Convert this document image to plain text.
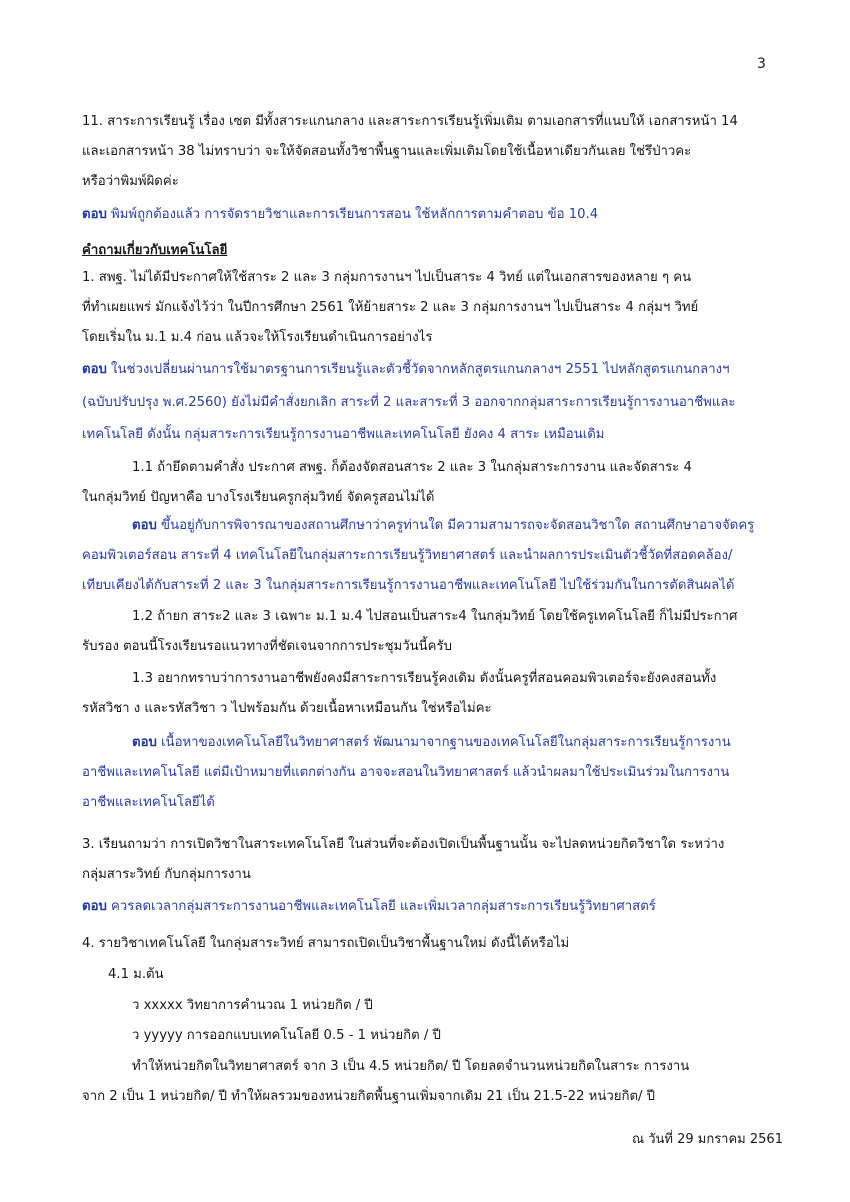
3
11. สาระการเรียนรู้ เรื่อง เซต มีทั้งสาระแกนกลาง และสาระการเรียนรู้เพิ่มเติม ตามเอกสารที่แนบให้ เอกสารหน้า 14
และเอกสารหน้า 38 ไม่ทราบว่า จะให้จัดสอนทั้งวิชาพื้นฐานและเพิ่มเติมโดยใช้เนื้อหาเดียวกันเลย ใช่รึป่าวคะ
หรือว่าพิมพ์ผิดค่ะ
ตอบ พิมพ์ถูกต้องแล้ว การจัดรายวิชาและการเรียนการสอน ใช้หลักการตามคำตอบ ข้อ 10.4
คำถามเกี่ยวกับเทคโนโลยี
1. สพฐ. ไม่ได้มีประกาศให้ใช้สาระ 2 และ 3 กลุ่มการงานฯ ไปเป็นสาระ 4 วิทย์ แต่ในเอกสารของหลาย ๆ คน
ที่ทำเผยแพร่ มักแจ้งไว้ว่า ในปีการศึกษา 2561 ให้ย้ายสาระ 2 และ 3 กลุ่มการงานฯ ไปเป็นสาระ 4 กลุ่มฯ วิทย์
โดยเริ่มใน ม.1 ม.4 ก่อน แล้วจะให้โรงเรียนดำเนินการอย่างไร
ตอบ ในช่วงเปลี่ยนผ่านการใช้มาตรฐานการเรียนรู้และตัวชี้วัดจากหลักสูตรแกนกลางฯ 2551 ไปหลักสูตรแกนกลางฯ
(ฉบับปรับปรุง พ.ศ.2560) ยังไม่มีคำสั่งยกเลิก สาระที่ 2 และสาระที่ 3 ออกจากกลุ่มสาระการเรียนรู้การงานอาชีพและ
เทคโนโลยี ดังนั้น กลุ่มสาระการเรียนรู้การงานอาชีพและเทคโนโลยี ยังคง 4 สาระ เหมือนเดิม
1.1 ถ้ายึดตามคำสั่ง ประกาศ สพฐ. ก็ต้องจัดสอนสาระ 2 และ 3 ในกลุ่มสาระการงาน และจัดสาระ 4
ในกลุ่มวิทย์ ปัญหาคือ บางโรงเรียนครูกลุ่มวิทย์ จัดครูสอนไม่ได้
ตอบ ขึ้นอยู่กับการพิจารณาของสถานศึกษาว่าครูท่านใด มีความสามารถจะจัดสอนวิชาใด สถานศึกษาอาจจัดครู
คอมพิวเตอร์สอน สาระที่ 4 เทคโนโลยีในกลุ่มสาระการเรียนรู้วิทยาศาสตร์ และนำผลการประเมินตัวชี้วัดที่สอดคล้อง/
เทียบเคียงได้กับสาระที่ 2 และ 3 ในกลุ่มสาระการเรียนรู้การงานอาชีพและเทคโนโลยี ไปใช้ร่วมกันในการตัดสินผลได้
1.2 ถ้ายก สาระ2 และ 3 เฉพาะ ม.1 ม.4 ไปสอนเป็นสาระ4 ในกลุ่มวิทย์ โดยใช้ครูเทคโนโลยี ก็ไม่มีประกาศ
รับรอง ตอนนี้โรงเรียนรอแนวทางที่ชัดเจนจากการประชุมวันนี้ครับ
1.3 อยากทราบว่าการงานอาชีพยังคงมีสาระการเรียนรู้คงเดิม ดังนั้นครูที่สอนคอมพิวเตอร์จะยังคงสอนทั้ง
รหัสวิชา ง และรหัสวิชา ว ไปพร้อมกัน ด้วยเนื้อหาเหมือนกัน ใช่หรือไม่คะ
ตอบ เนื้อหาของเทคโนโลยีในวิทยาศาสตร์ พัฒนามาจากฐานของเทคโนโลยีในกลุ่มสาระการเรียนรู้การงาน
อาชีพและเทคโนโลยี แต่มีเป้าหมายที่แตกต่างกัน อาจจะสอนในวิทยาศาสตร์ แล้วนำผลมาใช้ประเมินร่วมในการงาน
อาชีพและเทคโนโลยีได้
3. เรียนถามว่า การเปิดวิชาในสาระเทคโนโลยี ในส่วนที่จะต้องเปิดเป็นพื้นฐานนั้น จะไปลดหน่วยกิตวิชาใด ระหว่าง
กลุ่มสาระวิทย์ กับกลุ่มการงาน
ตอบ ควรลดเวลากลุ่มสาระการงานอาชีพและเทคโนโลยี และเพิ่มเวลากลุ่มสาระการเรียนรู้วิทยาศาสตร์
4. รายวิชาเทคโนโลยี ในกลุ่มสาระวิทย์ สามารถเปิดเป็นวิชาพื้นฐานใหม่ ดังนี้ได้หรือไม่
4.1 ม.ต้น
ว xxxxx วิทยาการคำนวณ 1 หน่วยกิต / ปี
ว yyyyy การออกแบบเทคโนโลยี 0.5 - 1 หน่วยกิต / ปี
ทำให้หน่วยกิตในวิทยาศาสตร์ จาก 3 เป็น 4.5 หน่วยกิต/ ปี โดยลดจำนวนหน่วยกิตในสาระ การงาน
จาก 2 เป็น 1 หน่วยกิต/ ปี ทำให้ผลรวมของหน่วยกิตพื้นฐานเพิ่มจากเดิม 21 เป็น 21.5-22 หน่วยกิต/ ปี
ณ วันที่ 29 มกราคม 2561
